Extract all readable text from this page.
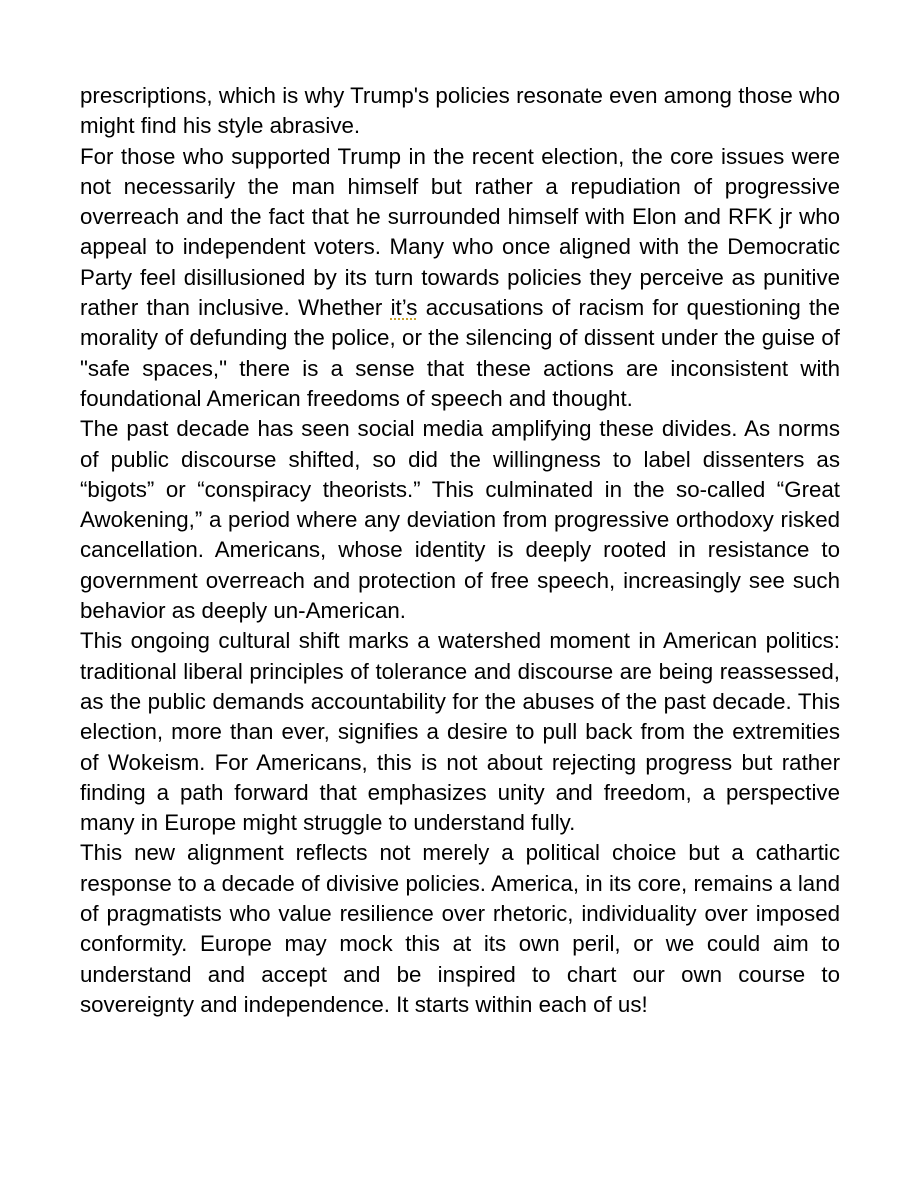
prescriptions, which is why Trump's policies resonate even among those who might find his style abrasive.

For those who supported Trump in the recent election, the core issues were not necessarily the man himself but rather a repudiation of progressive overreach and the fact that he surrounded himself with Elon and RFK jr who appeal to independent voters. Many who once aligned with the Democratic Party feel disillusioned by its turn towards policies they perceive as punitive rather than inclusive. Whether it’s accusations of racism for questioning the morality of defunding the police, or the silencing of dissent under the guise of "safe spaces," there is a sense that these actions are inconsistent with foundational American freedoms of speech and thought.

The past decade has seen social media amplifying these divides. As norms of public discourse shifted, so did the willingness to label dissenters as “bigots” or “conspiracy theorists.” This culminated in the so-called “Great Awokening,” a period where any deviation from progressive orthodoxy risked cancellation. Americans, whose identity is deeply rooted in resistance to government overreach and protection of free speech, increasingly see such behavior as deeply un-American.

This ongoing cultural shift marks a watershed moment in American politics: traditional liberal principles of tolerance and discourse are being reassessed, as the public demands accountability for the abuses of the past decade. This election, more than ever, signifies a desire to pull back from the extremities of Wokeism. For Americans, this is not about rejecting progress but rather finding a path forward that emphasizes unity and freedom, a perspective many in Europe might struggle to understand fully.

This new alignment reflects not merely a political choice but a cathartic response to a decade of divisive policies. America, in its core, remains a land of pragmatists who value resilience over rhetoric, individuality over imposed conformity. Europe may mock this at its own peril, or we could aim to understand and accept and be inspired to chart our own course to sovereignty and independence. It starts within each of us!
